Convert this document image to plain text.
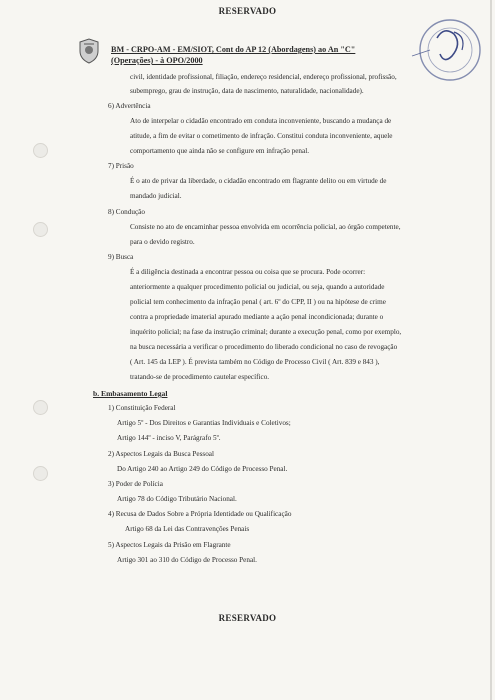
RESERVADO
BM - CRPO-AM - EM/SIOT, Cont do AP 12 (Abordagens) ao An "C"
(Operações) - à OPO/2000
civil, identidade profissional, filiação, endereço residencial, endereço profissional, profissão,
subemprego, grau de instrução, data de nascimento, naturalidade, nacionalidade).
6) Advertência
Ato de interpelar o cidadão encontrado em conduta inconveniente, buscando a mudança de
atitude, a fim de evitar o cometimento de infração. Constitui conduta inconveniente, aquele
comportamento que ainda não se configure em infração penal.
7) Prisão
É o ato de privar da liberdade, o cidadão encontrado em flagrante delito ou em virtude de
mandado judicial.
8) Condução
Consiste no ato de encaminhar pessoa envolvida em ocorrência policial, ao órgão competente,
para o devido registro.
9) Busca
É a diligência destinada a encontrar pessoa ou coisa que se procura. Pode ocorrer:
anteriormente a qualquer procedimento policial ou judicial, ou seja, quando a autoridade
policial tem conhecimento da infração penal ( art. 6º do CPP, II ) ou na hipótese de crime
contra a propriedade imaterial apurado mediante a ação penal incondicionada; durante o
inquérito policial; na fase da instrução criminal; durante a execução penal, como por exemplo,
na busca necessária a verificar o procedimento do liberado condicional no caso de revogação
( Art. 145 da LEP ). É prevista também no Código de Processo Civil ( Art. 839 e 843 ),
tratando-se de procedimento cautelar específico.
b. Embasamento Legal
1) Constituição Federal
Artigo 5º - Dos Direitos e Garantias Individuais e Coletivos;
Artigo 144º - inciso V, Parágrafo 5º.
2) Aspectos Legais da Busca Pessoal
Do Artigo 240 ao Artigo 249 do Código de Processo Penal.
3) Poder de Polícia
Artigo 78 do Código Tributário Nacional.
4) Recusa de Dados Sobre a Própria Identidade ou Qualificação
Artigo 68 da Lei das Contravenções Penais
5) Aspectos Legais da Prisão em Flagrante
Artigo 301 ao 310 do Código de Processo Penal.
RESERVADO
